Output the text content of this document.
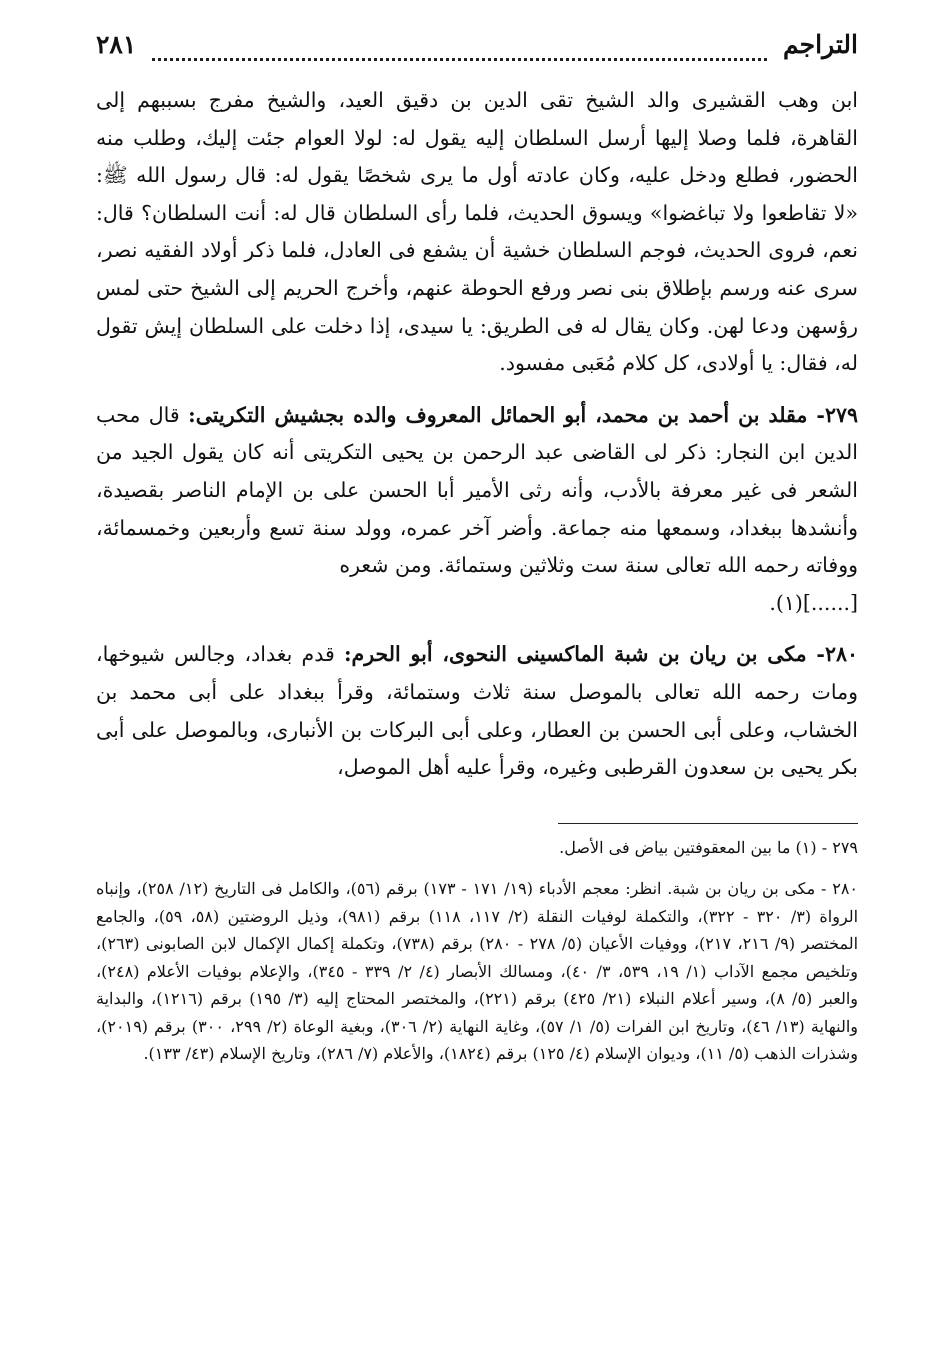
التراجم
٢٨١

ابن وهب القشيرى والد الشيخ تقى الدين بن دقيق العيد، والشيخ مفرج بسببهم إلى القاهرة، فلما وصلا إليها أرسل السلطان إليه يقول له: لولا العوام جئت إليك، وطلب منه الحضور، فطلع ودخل عليه، وكان عادته أول ما يرى شخصًا يقول له: قال رسول الله ﷺ: «لا تقاطعوا ولا تباغضوا» ويسوق الحديث، فلما رأى السلطان قال له: أنت السلطان؟ قال: نعم، فروى الحديث، فوجم السلطان خشية أن يشفع فى العادل، فلما ذكر أولاد الفقيه نصر، سرى عنه ورسم بإطلاق بنى نصر ورفع الحوطة عنهم، وأخرج الحريم إلى الشيخ حتى لمس رؤسهن ودعا لهن. وكان يقال له فى الطريق: يا سيدى، إذا دخلت على السلطان إيش تقول له، فقال: يا أولادى، كل كلام مُعَبى مفسود.

٢٧٩- مقلد بن أحمد بن محمد، أبو الحمائل المعروف والده بجشيش التكريتى: قال محب الدين ابن النجار: ذكر لى القاضى عبد الرحمن بن يحيى التكريتى أنه كان يقول الجيد من الشعر فى غير معرفة بالأدب، وأنه رثى الأمير أبا الحسن على بن الإمام الناصر بقصيدة، وأنشدها ببغداد، وسمعها منه جماعة. وأضر آخر عمره، وولد سنة تسع وأربعين وخمسمائة، ووفاته رحمه الله تعالى سنة ست وثلاثين وستمائة. ومن شعره
[......](١).

٢٨٠- مكى بن ريان بن شبة الماكسينى النحوى، أبو الحرم: قدم بغداد، وجالس شيوخها، ومات رحمه الله تعالى بالموصل سنة ثلاث وستمائة، وقرأ ببغداد على أبى محمد بن الخشاب، وعلى أبى الحسن بن العطار، وعلى أبى البركات بن الأنبارى، وبالموصل على أبى بكر يحيى بن سعدون القرطبى وغيره، وقرأ عليه أهل الموصل،

٢٧٩ - (١) ما بين المعقوفتين بياض فى الأصل.

٢٨٠ - مكى بن ريان بن شبة. انظر: معجم الأدباء (١٩/ ١٧١ - ١٧٣) برقم (٥٦)، والكامل فى التاريخ (١٢/ ٢٥٨)، وإنباه الرواة (٣/ ٣٢٠ - ٣٢٢)، والتكملة لوفيات النقلة (٢/ ١١٧، ١١٨) برقم (٩٨١)، وذيل الروضتين (٥٨، ٥٩)، والجامع المختصر (٩/ ٢١٦، ٢١٧)، ووفيات الأعيان (٥/ ٢٧٨ - ٢٨٠) برقم (٧٣٨)، وتكملة إكمال الإكمال لابن الصابونى (٢٦٣)، وتلخيص مجمع الآداب (١/ ١٩، ٥٣٩، ٣/ ٤٠)، ومسالك الأبصار (٤/ ٢/ ٣٣٩ - ٣٤٥)، والإعلام بوفيات الأعلام (٢٤٨)، والعبر (٥/ ٨)، وسير أعلام النبلاء (٢١/ ٤٢٥) برقم (٢٢١)، والمختصر المحتاج إليه (٣/ ١٩٥) برقم (١٢١٦)، والبداية والنهاية (١٣/ ٤٦)، وتاريخ ابن الفرات (٥/ ١/ ٥٧)، وغاية النهاية (٢/ ٣٠٦)، وبغية الوعاة (٢/ ٢٩٩، ٣٠٠) برقم (٢٠١٩)، وشذرات الذهب (٥/ ١١)، وديوان الإسلام (٤/ ١٢٥) برقم (١٨٢٤)، والأعلام (٧/ ٢٨٦)، وتاريخ الإسلام (٤٣/ ١٣٣).
